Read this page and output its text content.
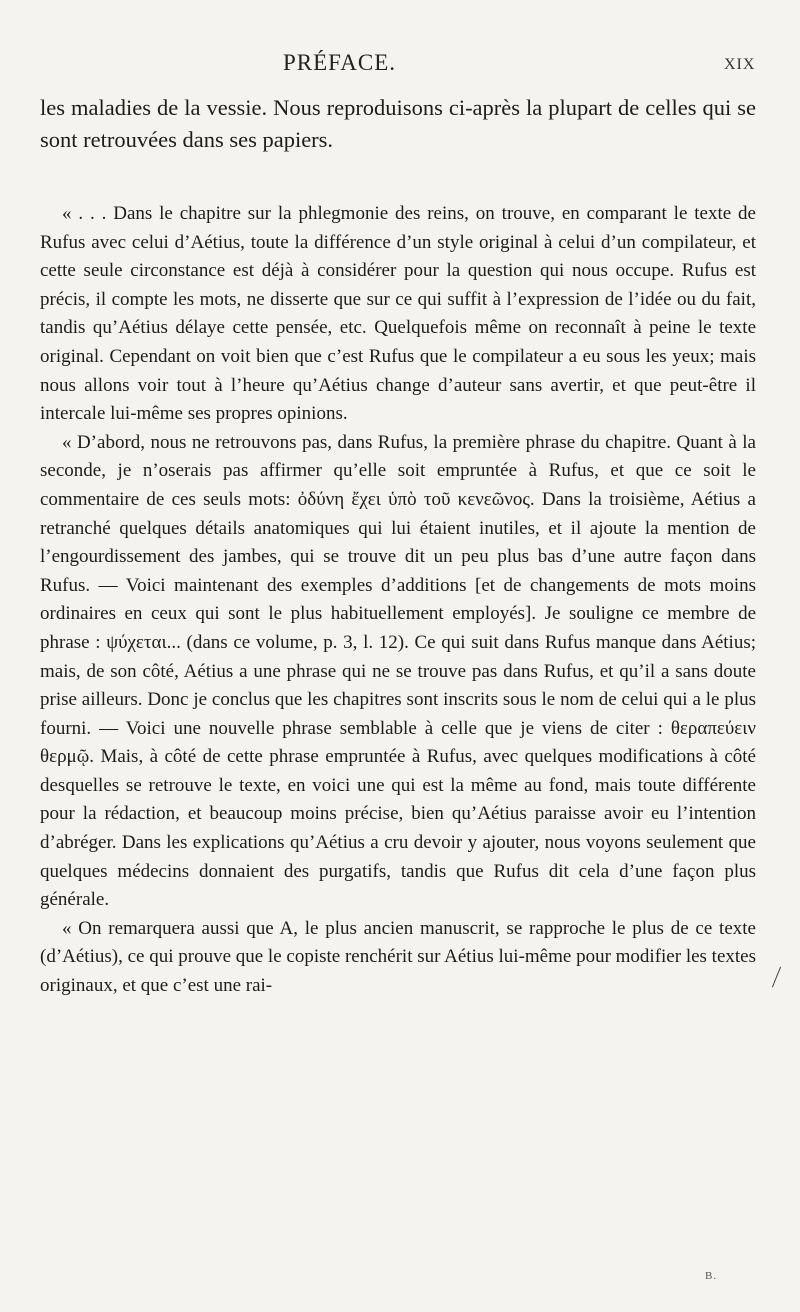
PRÉFACE.	XIX

les maladies de la vessie. Nous reproduisons ci-après la plupart de celles qui se sont retrouvées dans ses papiers.

« . . . Dans le chapitre sur la phlegmonie des reins, on trouve, en comparant le texte de Rufus avec celui d’Aétius, toute la différence d’un style original à celui d’un compilateur, et cette seule circonstance est déjà à considérer pour la question qui nous occupe. Rufus est précis, il compte les mots, ne disserte que sur ce qui suffit à l’expression de l’idée ou du fait, tandis qu’Aétius délaye cette pensée, etc. Quelquefois même on reconnaît à peine le texte original. Cependant on voit bien que c’est Rufus que le compilateur a eu sous les yeux; mais nous allons voir tout à l’heure qu’Aétius change d’auteur sans avertir, et que peut-être il intercale lui-même ses propres opinions.

« D’abord, nous ne retrouvons pas, dans Rufus, la première phrase du chapitre. Quant à la seconde, je n’oserais pas affirmer qu’elle soit empruntée à Rufus, et que ce soit le commentaire de ces seuls mots: ὀδύνη ἔχει ὑπὸ τοῦ κενεῶνος. Dans la troisième, Aétius a retranché quelques détails anatomiques qui lui étaient inutiles, et il ajoute la mention de l’engourdissement des jambes, qui se trouve dit un peu plus bas d’une autre façon dans Rufus. — Voici maintenant des exemples d’additions [et de changements de mots moins ordinaires en ceux qui sont le plus habituellement employés]. Je souligne ce membre de phrase : ψύχεται... (dans ce volume, p. 3, l. 12). Ce qui suit dans Rufus manque dans Aétius; mais, de son côté, Aétius a une phrase qui ne se trouve pas dans Rufus, et qu’il a sans doute prise ailleurs. Donc je conclus que les chapitres sont inscrits sous le nom de celui qui a le plus fourni. — Voici une nouvelle phrase semblable à celle que je viens de citer : θεραπεύειν θερμῷ. Mais, à côté de cette phrase empruntée à Rufus, avec quelques modifications à côté desquelles se retrouve le texte, en voici une qui est la même au fond, mais toute différente pour la rédaction, et beaucoup moins précise, bien qu’Aétius paraisse avoir eu l’intention d’abréger. Dans les explications qu’Aétius a cru devoir y ajouter, nous voyons seulement que quelques médecins donnaient des purgatifs, tandis que Rufus dit cela d’une façon plus générale.

« On remarquera aussi que A, le plus ancien manuscrit, se rapproche le plus de ce texte (d’Aétius), ce qui prouve que le copiste renchérit sur Aétius lui-même pour modifier les textes originaux, et que c’est une rai-

B.
